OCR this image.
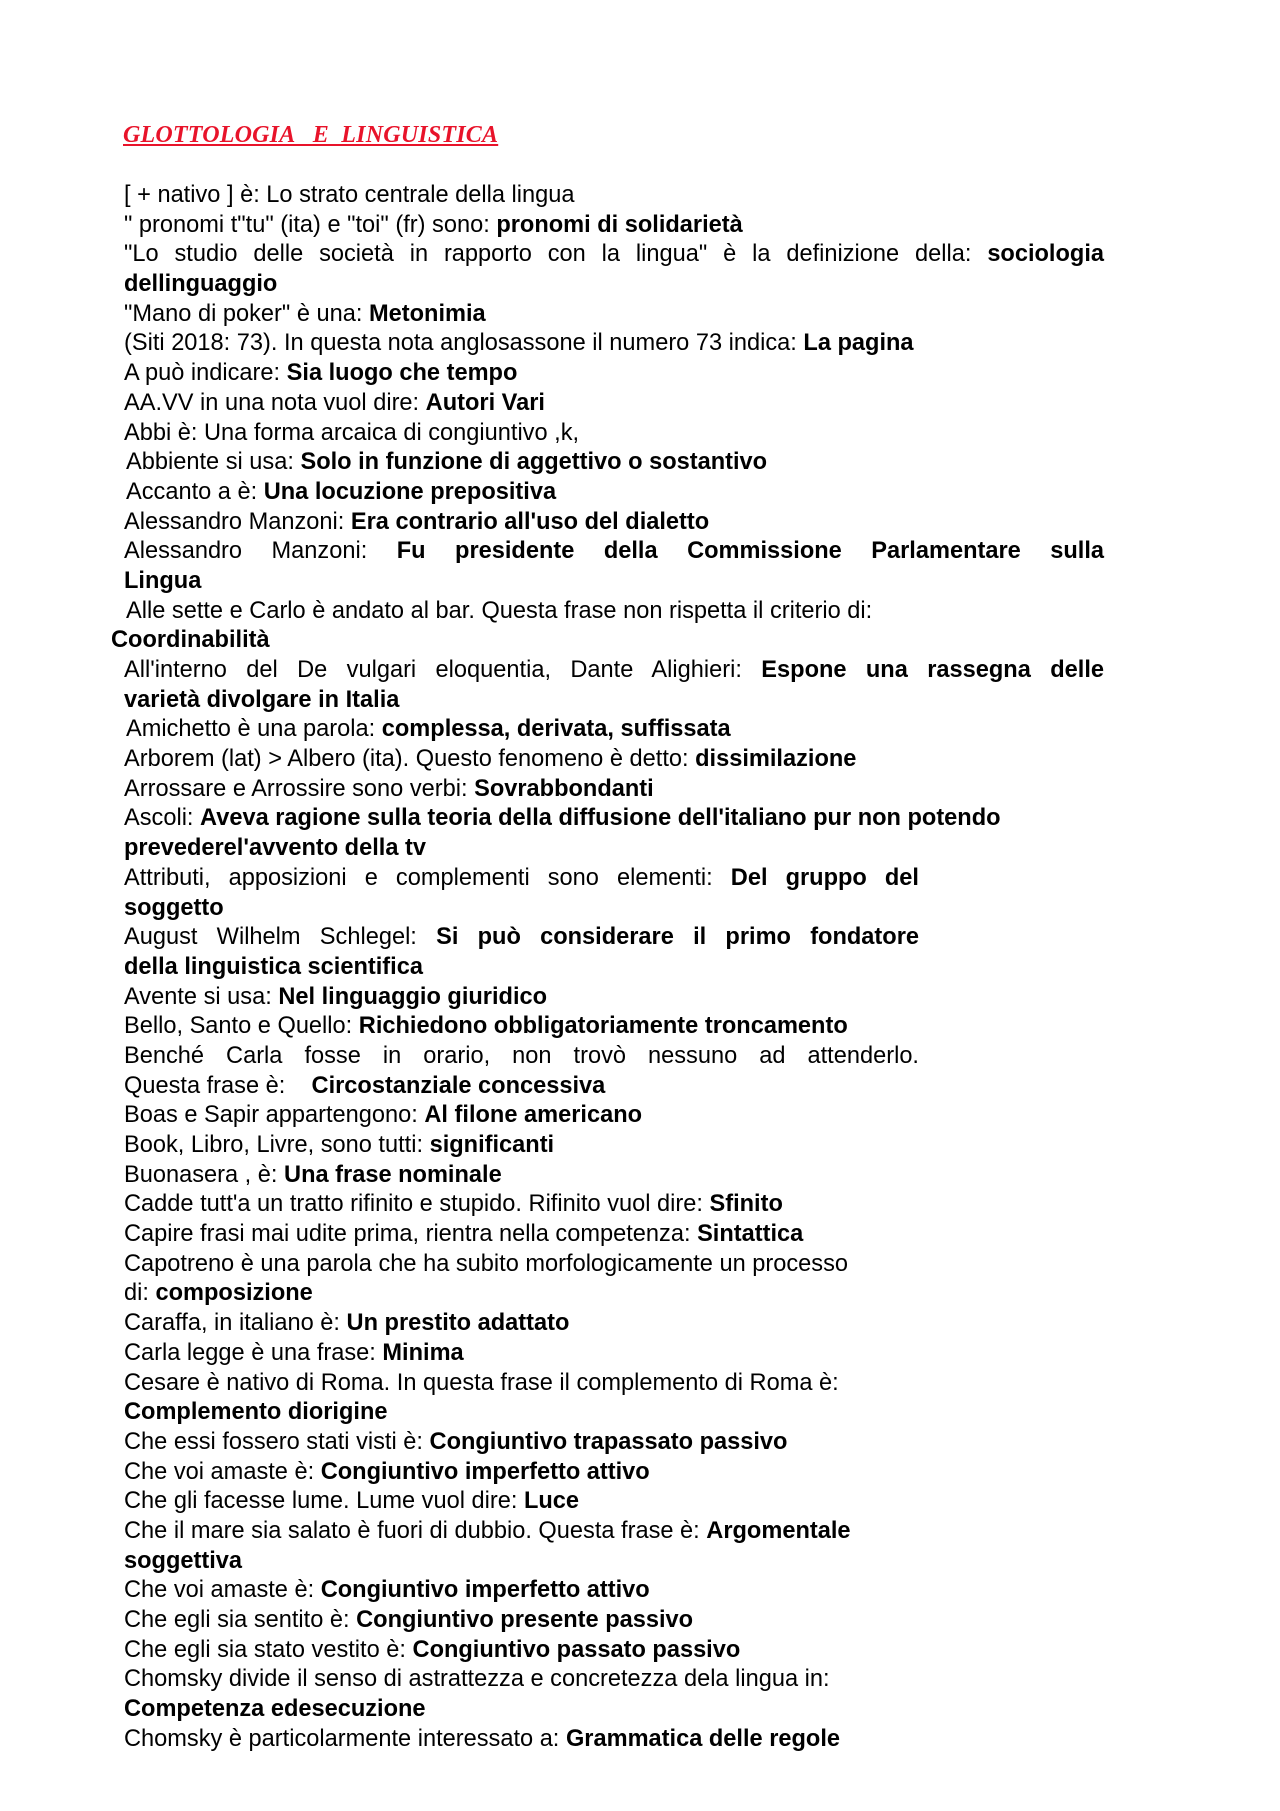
GLOTTOLOGIA   E  LINGUISTICA
[ + nativo ] è: Lo strato centrale della lingua
" pronomi t"tu" (ita) e "toi" (fr) sono: pronomi di solidarietà
"Lo studio delle società in rapporto con la lingua" è la definizione della: sociologia
dellinguaggio
"Mano di poker" è una: Metonimia
(Siti 2018: 73). In questa nota anglosassone il numero 73 indica: La pagina
A può indicare: Sia luogo che tempo
AA.VV in una nota vuol dire: Autori Vari
Abbi è: Una forma arcaica di congiuntivo ,k,
Abbiente si usa: Solo in funzione di aggettivo o sostantivo
Accanto a è: Una locuzione prepositiva
Alessandro Manzoni: Era contrario all'uso del dialetto
Alessandro Manzoni: Fu presidente della Commissione Parlamentare sulla
Lingua
Alle sette e Carlo è andato al bar. Questa frase non rispetta il criterio di:
Coordinabilità
All'interno del De vulgari eloquentia, Dante Alighieri: Espone una rassegna delle
varietà divolgare in Italia
Amichetto è una parola: complessa, derivata, suffissata
Arborem (lat) > Albero (ita). Questo fenomeno è detto: dissimilazione
Arrossare e Arrossire sono verbi: Sovrabbondanti
Ascoli: Aveva ragione sulla teoria della diffusione dell'italiano pur non potendo
prevederel'avvento della tv
Attributi, apposizioni e complementi sono elementi: Del gruppo del
soggetto
August Wilhelm Schlegel: Si può considerare il primo fondatore
della linguistica scientifica
Avente si usa: Nel linguaggio giuridico
Bello, Santo e Quello: Richiedono obbligatoriamente troncamento
Benché Carla fosse in orario, non trovò nessuno ad attenderlo.
Questa frase è:    Circostanziale concessiva
Boas e Sapir appartengono: Al filone americano
Book, Libro, Livre, sono tutti: significanti
Buonasera , è: Una frase nominale
Cadde tutt'a un tratto rifinito e stupido. Rifinito vuol dire: Sfinito
Capire frasi mai udite prima, rientra nella competenza: Sintattica
Capotreno è una parola che ha subito morfologicamente un processo
di: composizione
Caraffa, in italiano è: Un prestito adattato
Carla legge è una frase: Minima
Cesare è nativo di Roma. In questa frase il complemento di Roma è:
Complemento diorigine
Che essi fossero stati visti è: Congiuntivo trapassato passivo
Che voi amaste è: Congiuntivo imperfetto attivo
Che gli facesse lume. Lume vuol dire: Luce
Che il mare sia salato è fuori di dubbio. Questa frase è: Argomentale
soggettiva
Che voi amaste è: Congiuntivo imperfetto attivo
Che egli sia sentito è: Congiuntivo presente passivo
Che egli sia stato vestito è: Congiuntivo passato passivo
Chomsky divide il senso di astrattezza e concretezza dela lingua in:
Competenza edesecuzione
Chomsky è particolarmente interessato a: Grammatica delle regole
